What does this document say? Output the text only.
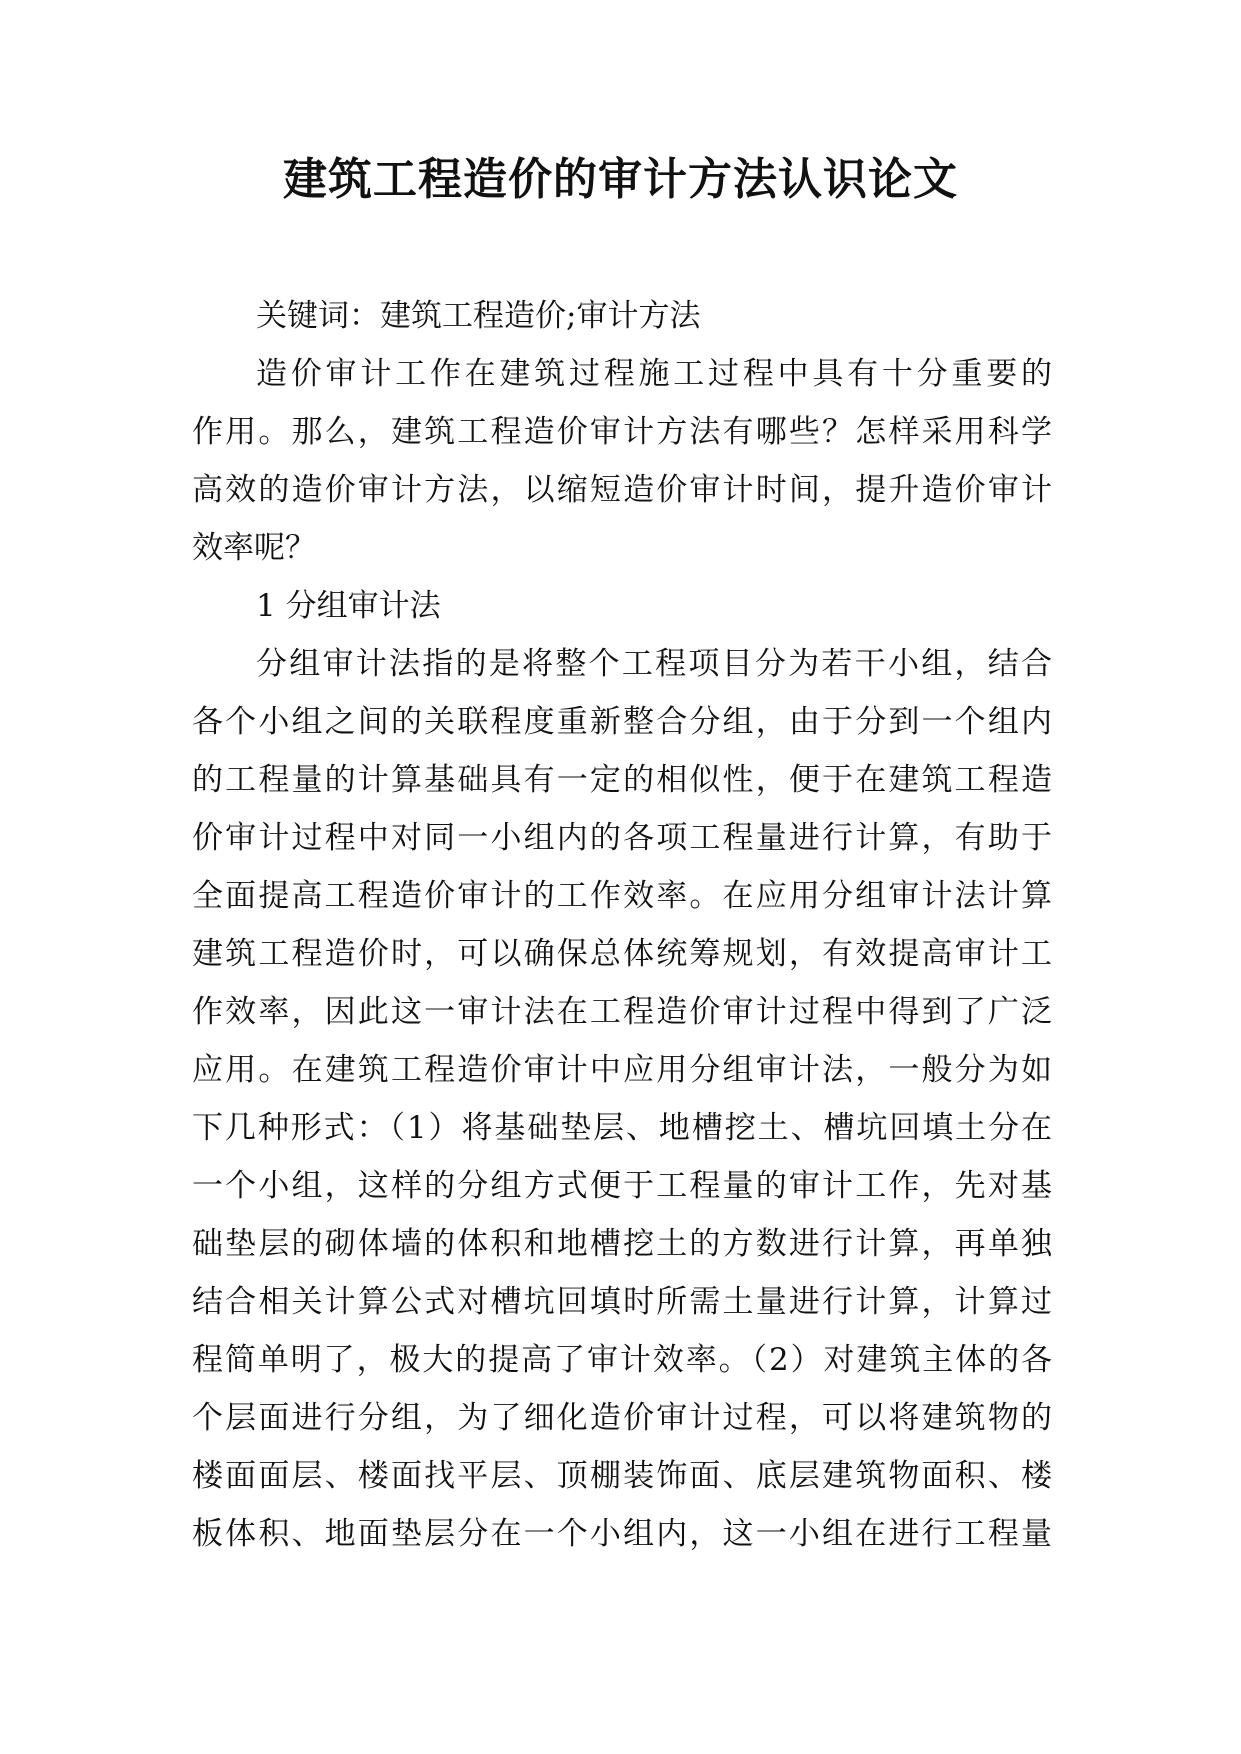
建筑工程造价的审计方法认识论文
关键词：建筑工程造价;审计方法
造价审计工作在建筑过程施工过程中具有十分重要的
作用。那么，建筑工程造价审计方法有哪些？怎样采用科学
高效的造价审计方法，以缩短造价审计时间，提升造价审计
效率呢？
1 分组审计法
分组审计法指的是将整个工程项目分为若干小组，结合
各个小组之间的关联程度重新整合分组，由于分到一个组内
的工程量的计算基础具有一定的相似性，便于在建筑工程造
价审计过程中对同一小组内的各项工程量进行计算，有助于
全面提高工程造价审计的工作效率。在应用分组审计法计算
建筑工程造价时，可以确保总体统筹规划，有效提高审计工
作效率，因此这一审计法在工程造价审计过程中得到了广泛
应用。在建筑工程造价审计中应用分组审计法，一般分为如
下几种形式：（1）将基础垫层、地槽挖土、槽坑回填土分在
一个小组，这样的分组方式便于工程量的审计工作，先对基
础垫层的砌体墙的体积和地槽挖土的方数进行计算，再单独
结合相关计算公式对槽坑回填时所需土量进行计算，计算过
程简单明了，极大的提高了审计效率。（2）对建筑主体的各
个层面进行分组，为了细化造价审计过程，可以将建筑物的
楼面面层、楼面找平层、顶棚装饰面、底层建筑物面积、楼
板体积、地面垫层分在一个小组内，这一小组在进行工程量
